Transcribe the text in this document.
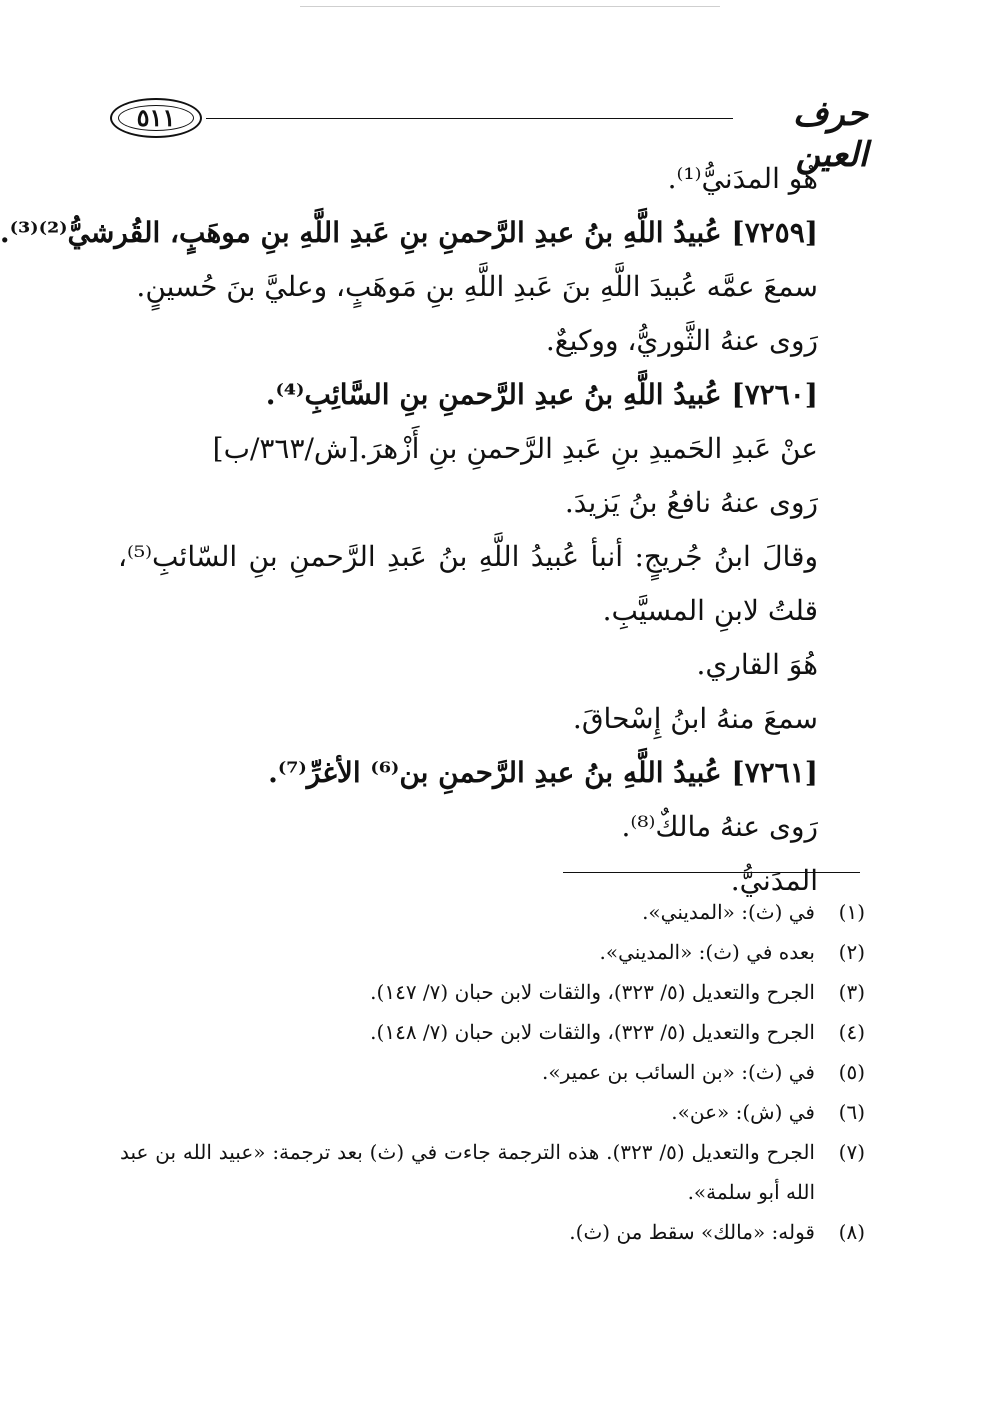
٥١١	حرف العين

هُو المدَنيُّ⁽¹⁾.

[٧٢٥٩] عُبيدُ اللَّهِ بنُ عبدِ الرَّحمنِ بنِ عَبدِ اللَّهِ بنِ موهَبٍ، القُرشيُّ⁽²⁾⁽³⁾.

سمعَ عمَّه عُبيدَ اللَّهِ بنَ عَبدِ اللَّهِ بنِ مَوهَبٍ، وعليَّ بنَ حُسينٍ.

رَوى عنهُ الثَّوريُّ، ووكيعٌ.

[٧٢٦٠] عُبيدُ اللَّهِ بنُ عبدِ الرَّحمنِ بنِ السَّائِبِ⁽⁴⁾.

عنْ عَبدِ الحَميدِ بنِ عَبدِ الرَّحمنِ بنِ أَزْهرَ.[ش/٣٦٣/ب]

رَوى عنهُ نافعُ بنُ يَزيدَ.

وقالَ ابنُ جُريجٍ: أنبأ عُبيدُ اللَّهِ بنُ عَبدِ الرَّحمنِ بنِ السّائبِ⁽⁵⁾، قلتُ لابنِ المسيَّبِ.

هُوَ القاري.

سمعَ منهُ ابنُ إِسْحاقَ.

[٧٢٦١] عُبيدُ اللَّهِ بنُ عبدِ الرَّحمنِ بن⁽⁶⁾ الأغرِّ⁽⁷⁾.

رَوى عنهُ مالكٌ⁽⁸⁾.

المدَنيُّ.

(١)
في (ث): «المديني».
(٢)
بعده في (ث): «المديني».
(٣)
الجرح والتعديل (٥/ ٣٢٣)، والثقات لابن حبان (٧/ ١٤٧).
(٤)
الجرح والتعديل (٥/ ٣٢٣)، والثقات لابن حبان (٧/ ١٤٨).
(٥)
في (ث): «بن السائب بن عمير».
(٦)
في (ش): «عن».
(٧)
الجرح والتعديل (٥/ ٣٢٣). هذه الترجمة جاءت في (ث) بعد ترجمة: «عبيد الله بن عبد الله أبو سلمة».
(٨)
قوله: «مالك» سقط من (ث).
